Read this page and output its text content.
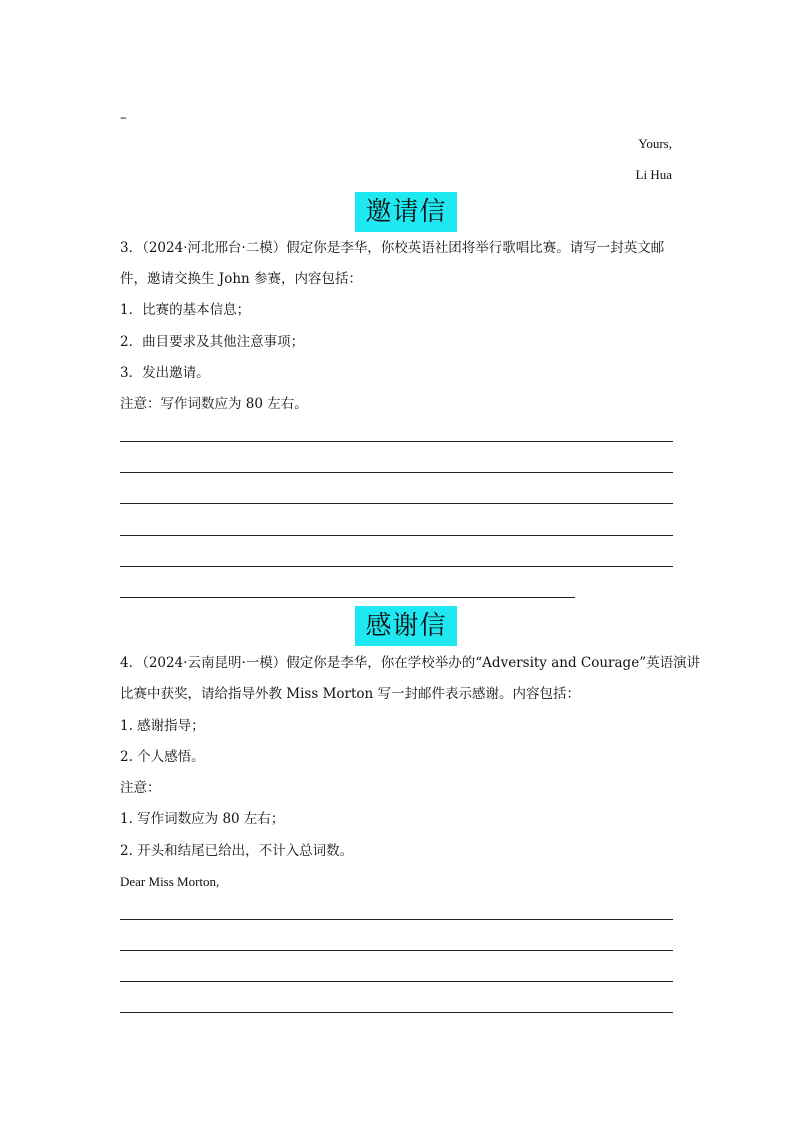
–
Yours,
Li Hua
邀请信
3．（2024·河北邢台·二模）假定你是李华，你校英语社团将举行歌唱比赛。请写一封英文邮
件，邀请交换生 John 参赛，内容包括：
1．比赛的基本信息；
2．曲目要求及其他注意事项；
3．发出邀请。
注意：写作词数应为 80 左右。
感谢信
4．（2024·云南昆明·一模）假定你是李华，你在学校举办的“Adversity and Courage”英语演讲
比赛中获奖，请给指导外教 Miss Morton 写一封邮件表示感谢。内容包括：
1. 感谢指导；
2. 个人感悟。
注意：
1. 写作词数应为 80 左右；
2. 开头和结尾已给出，不计入总词数。
Dear Miss Morton,
